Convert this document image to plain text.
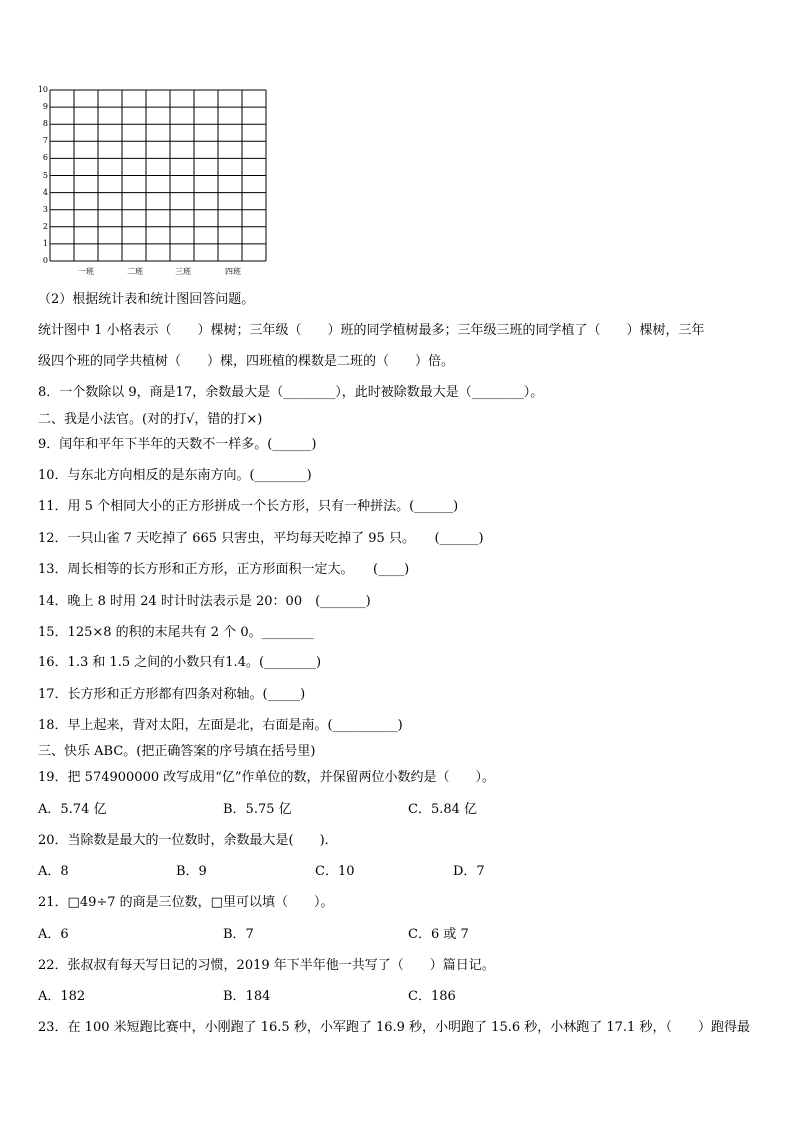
10
9
8
7
6
5
4
3
2
1
0
一班	二班	三班	四班
（2）根据统计表和统计图回答问题。
统计图中 1 小格表示（　　）棵树；三年级（　　）班的同学植树最多；三年级三班的同学植了（　　）棵树，三年
级四个班的同学共植树（　　）棵，四班植的棵数是二班的（　　）倍。
8．一个数除以 9，商是17，余数最大是（________），此时被除数最大是（________）。
二、我是小法官。(对的打√，错的打×)
9．闰年和平年下半年的天数不一样多。(______)
10．与东北方向相反的是东南方向。(________)
11．用 5 个相同大小的正方形拼成一个长方形，只有一种拼法。(______)
12．一只山雀 7 天吃掉了 665 只害虫，平均每天吃掉了 95 只。　　(______)
13．周长相等的长方形和正方形，正方形面积一定大。　　(____)
14．晚上 8 时用 24 时计时法表示是 20：00　(_______)
15．125×8 的积的末尾共有 2 个 0。________
16．1.3 和 1.5 之间的小数只有1.4。(________)
17．长方形和正方形都有四条对称轴。(_____)
18．早上起来，背对太阳，左面是北，右面是南。(__________)
三、快乐 ABC。(把正确答案的序号填在括号里)
19．把 574900000 改写成用“亿”作单位的数，并保留两位小数约是（　　）。
A．5.74 亿	B．5.75 亿	C．5.84 亿
20．当除数是最大的一位数时，余数最大是(　　)．
A．8	B．9	C．10	D．7
21．□49÷7 的商是三位数，□里可以填（　　）。
A．6	B．7	C．6 或 7
22．张叔叔有每天写日记的习惯，2019 年下半年他一共写了（　　）篇日记。
A．182	B．184	C．186
23．在 100 米短跑比赛中，小刚跑了 16.5 秒，小军跑了 16.9 秒，小明跑了 15.6 秒，小林跑了 17.1 秒，（　　）跑得最
